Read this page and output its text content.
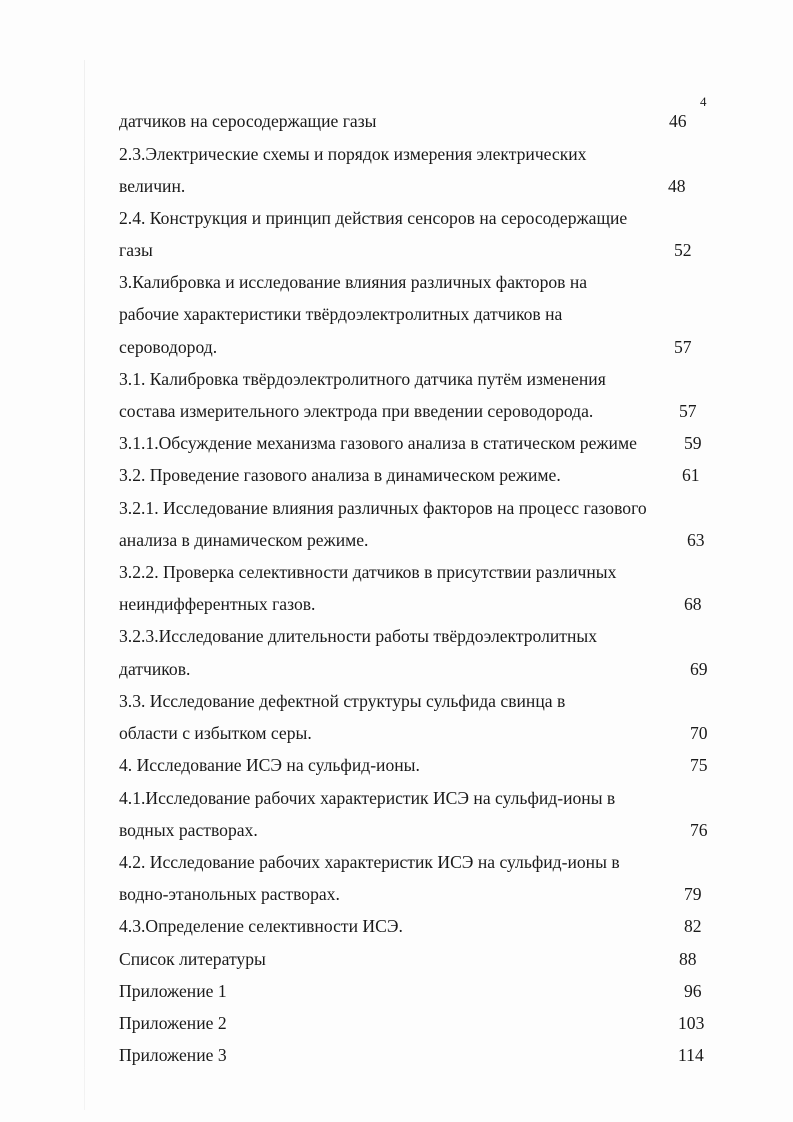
4
датчиков на серосодержащие газы	46
2.3.Электрические схемы и порядок измерения электрических
величин.	48
2.4. Конструкция и принцип действия сенсоров на серосодержащие
газы	52
3.Калибровка и исследование влияния различных факторов на
рабочие характеристики твёрдоэлектролитных датчиков на
сероводород.	57
3.1. Калибровка твёрдоэлектролитного датчика путём изменения
состава измерительного электрода при введении сероводорода.	57
3.1.1.Обсуждение механизма газового анализа в статическом режиме	59
3.2. Проведение газового анализа в динамическом режиме.	61
3.2.1. Исследование влияния различных факторов на процесс газового
анализа в динамическом режиме.	63
3.2.2. Проверка селективности датчиков в присутствии различных
неиндифферентных газов.	68
3.2.3.Исследование длительности работы твёрдоэлектролитных
датчиков.	69
3.3. Исследование дефектной структуры сульфида свинца в
области с избытком серы.	70
4. Исследование ИСЭ на сульфид-ионы.	75
4.1.Исследование рабочих характеристик ИСЭ на сульфид-ионы в
водных растворах.	76
4.2. Исследование рабочих характеристик ИСЭ на сульфид-ионы в
водно-этанольных растворах.	79
4.3.Определение селективности ИСЭ.	82
Список литературы	88
Приложение 1	96
Приложение 2	103
Приложение 3	114
